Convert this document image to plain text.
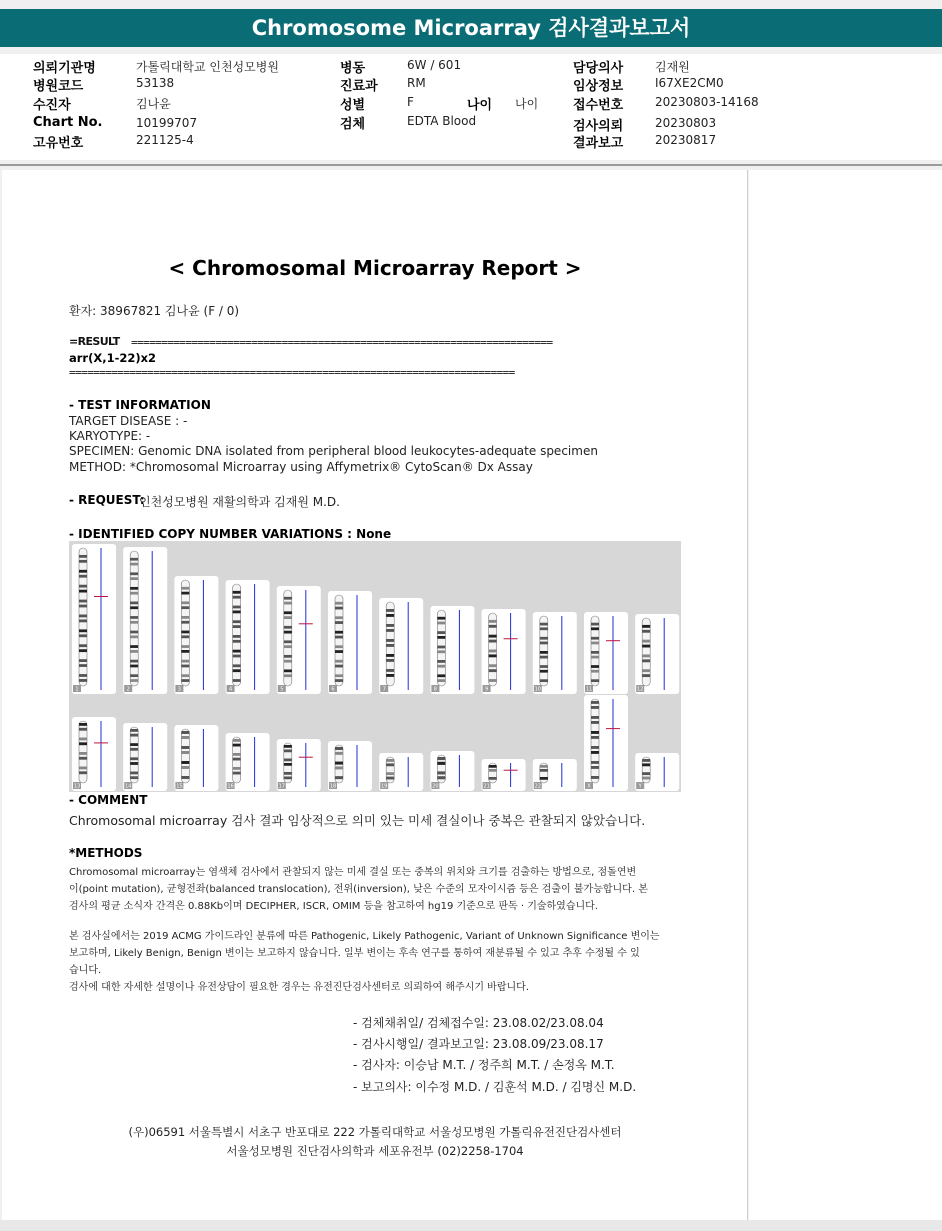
Chromosome Microarray 검사결과보고서
의뢰기관명	가톨릭대학교 인천성모병원
병원코드	53138
수진자	김나윤
Chart No.	10199707
고유번호	221125-4
병동	6W / 601
진료과 RM
성별	F	나이 나이
검체	EDTA Blood
담당의사	김재원
임상정보	I67XE2CM0
접수번호	20230803-14168
검사의뢰	20230803
결과보고	20230817
< Chromosomal Microarray Report >
환자: 38967821 김나윤 (F / 0)
=RESULT ======================================================================
arr(X,1-22)x2
==========================================================================
- TEST INFORMATION
TARGET DISEASE : -
KARYOTYPE: -
SPECIMEN: Genomic DNA isolated from peripheral blood leukocytes-adequate specimen
METHOD: *Chromosomal Microarray using Affymetrix® CytoScan® Dx Assay
- REQUEST:
인천성모병원 재활의학과 김재원 M.D.
- IDENTIFIED COPY NUMBER VARIATIONS : None
1	2	3	4	5	6	7	8	9	10	11	12
13	14	15	16	17	18	19	20	21	22	X	Y
- COMMENT
Chromosomal microarray 검사 결과 임상적으로 의미 있는 미세 결실이나 중복은 관찰되지 않았습니다.
*METHODS
Chromosomal microarray는 염색체 검사에서 관찰되지 않는 미세 결실 또는 중복의 위치와 크기를 검출하는 방법으로, 점돌연변
이(point mutation), 균형전좌(balanced translocation), 전위(inversion), 낮은 수준의 모자이시즘 등은 검출이 불가능합니다. 본
검사의 평균 소식자 간격은 0.88Kb이며 DECIPHER, ISCR, OMIM 등을 참고하여 hg19 기준으로 판독 · 기술하였습니다.
본 검사실에서는 2019 ACMG 가이드라인 분류에 따른 Pathogenic, Likely Pathogenic, Variant of Unknown Significance 변이는
보고하며, Likely Benign, Benign 변이는 보고하지 않습니다. 일부 변이는 후속 연구를 통하여 재분류될 수 있고 추후 수정될 수 있
습니다.
검사에 대한 자세한 설명이나 유전상담이 필요한 경우는 유전진단검사센터로 의뢰하여 해주시기 바랍니다.
- 검체채취일/ 검체접수일: 23.08.02/23.08.04
- 검사시행일/ 결과보고일: 23.08.09/23.08.17
- 검사자: 이승남 M.T. / 정주희 M.T. / 손정옥 M.T.
- 보고의사: 이수정 M.D. / 김훈석 M.D. / 김명신 M.D.
(우)06591 서울특별시 서초구 반포대로 222 가톨릭대학교 서울성모병원 가톨릭유전진단검사센터
서울성모병원 진단검사의학과 세포유전부 (02)2258-1704
